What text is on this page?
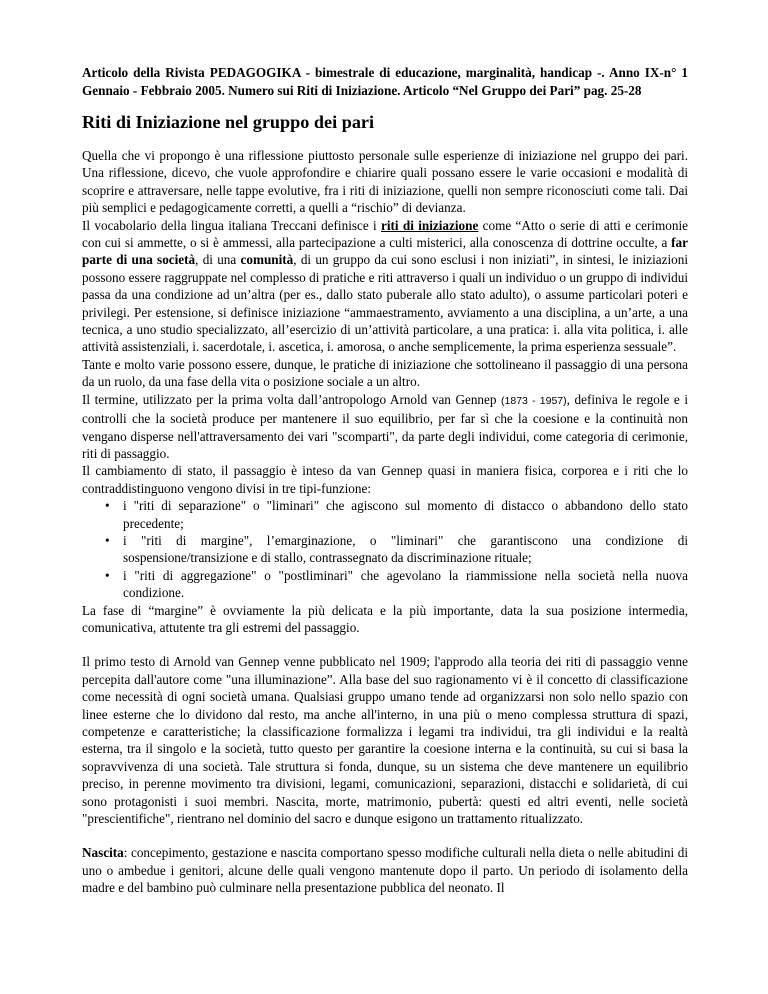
Articolo della Rivista PEDAGOGIKA - bimestrale di educazione, marginalità, handicap -. Anno IX-n° 1 Gennaio - Febbraio 2005. Numero sui Riti di Iniziazione. Articolo “Nel Gruppo dei Pari” pag. 25-28
Riti di Iniziazione nel gruppo dei pari

Quella che vi propongo è una riflessione piuttosto personale sulle esperienze di iniziazione nel gruppo dei pari. Una riflessione, dicevo, che vuole approfondire e chiarire quali possano essere le varie occasioni e modalità di scoprire e attraversare, nelle tappe evolutive, fra i riti di iniziazione, quelli non sempre riconosciuti come tali. Dai più semplici e pedagogicamente corretti, a quelli a “rischio” di devianza.

Il vocabolario della lingua italiana Treccani definisce i riti di iniziazione come “Atto o serie di atti e cerimonie con cui si ammette, o si è ammessi, alla partecipazione a culti misterici, alla conoscenza di dottrine occulte, a far parte di una società, di una comunità, di un gruppo da cui sono esclusi i non iniziati”, in sintesi, le iniziazioni possono essere raggruppate nel complesso di pratiche e riti attraverso i quali un individuo o un gruppo di individui passa da una condizione ad un’altra (per es., dallo stato puberale allo stato adulto), o assume particolari poteri e privilegi. Per estensione, si definisce iniziazione “ammaestramento, avviamento a una disciplina, a un’arte, a una tecnica, a uno studio specializzato, all’esercizio di un’attività particolare, a una pratica: i. alla vita politica, i. alle attività assistenziali, i. sacerdotale, i. ascetica, i. amorosa, o anche semplicemente, la prima esperienza sessuale”.

Tante e molto varie possono essere, dunque, le pratiche di iniziazione che sottolineano il passaggio di una persona da un ruolo, da una fase della vita o posizione sociale a un altro.

Il termine, utilizzato per la prima volta dall’antropologo Arnold van Gennep (1873 - 1957), definiva le regole e i controlli che la società produce per mantenere il suo equilibrio, per far sì che la coesione e la continuità non vengano disperse nell'attraversamento dei vari "scomparti", da parte degli individui, come categoria di cerimonie, riti di passaggio.

Il cambiamento di stato, il passaggio è inteso da van Gennep quasi in maniera fisica, corporea e i riti che lo contraddistinguono vengono divisi in tre tipi-funzione:

• i "riti di separazione" o "liminari" che agiscono sul momento di distacco o abbandono dello stato precedente;
• i "riti di margine", l’emarginazione, o "liminari" che garantiscono una condizione di sospensione/transizione e di stallo, contrassegnato da discriminazione rituale;
• i "riti di aggregazione" o "postliminari" che agevolano la riammissione nella società nella nuova condizione.

La fase di “margine” è ovviamente la più delicata e la più importante, data la sua posizione intermedia, comunicativa, attutente tra gli estremi del passaggio.

Il primo testo di Arnold van Gennep venne pubblicato nel 1909; l'approdo alla teoria dei riti di passaggio venne percepita dall'autore come "una illuminazione”. Alla base del suo ragionamento vi è il concetto di classificazione come necessità di ogni società umana. Qualsiasi gruppo umano tende ad organizzarsi non solo nello spazio con linee esterne che lo dividono dal resto, ma anche all'interno, in una più o meno complessa struttura di spazi, competenze e caratteristiche; la classificazione formalizza i legami tra individui, tra gli individui e la realtà esterna, tra il singolo e la società, tutto questo per garantire la coesione interna e la continuità, su cui si basa la sopravvivenza di una società. Tale struttura si fonda, dunque, su un sistema che deve mantenere un equilibrio preciso, in perenne movimento tra divisioni, legami, comunicazioni, separazioni, distacchi e solidarietà, di cui sono protagonisti i suoi membri. Nascita, morte, matrimonio, pubertà: questi ed altri eventi, nelle società "prescientifiche", rientrano nel dominio del sacro e dunque esigono un trattamento ritualizzato.

Nascita: concepimento, gestazione e nascita comportano spesso modifiche culturali nella dieta o nelle abitudini di uno o ambedue i genitori, alcune delle quali vengono mantenute dopo il parto. Un periodo di isolamento della madre e del bambino può culminare nella presentazione pubblica del neonato. Il
